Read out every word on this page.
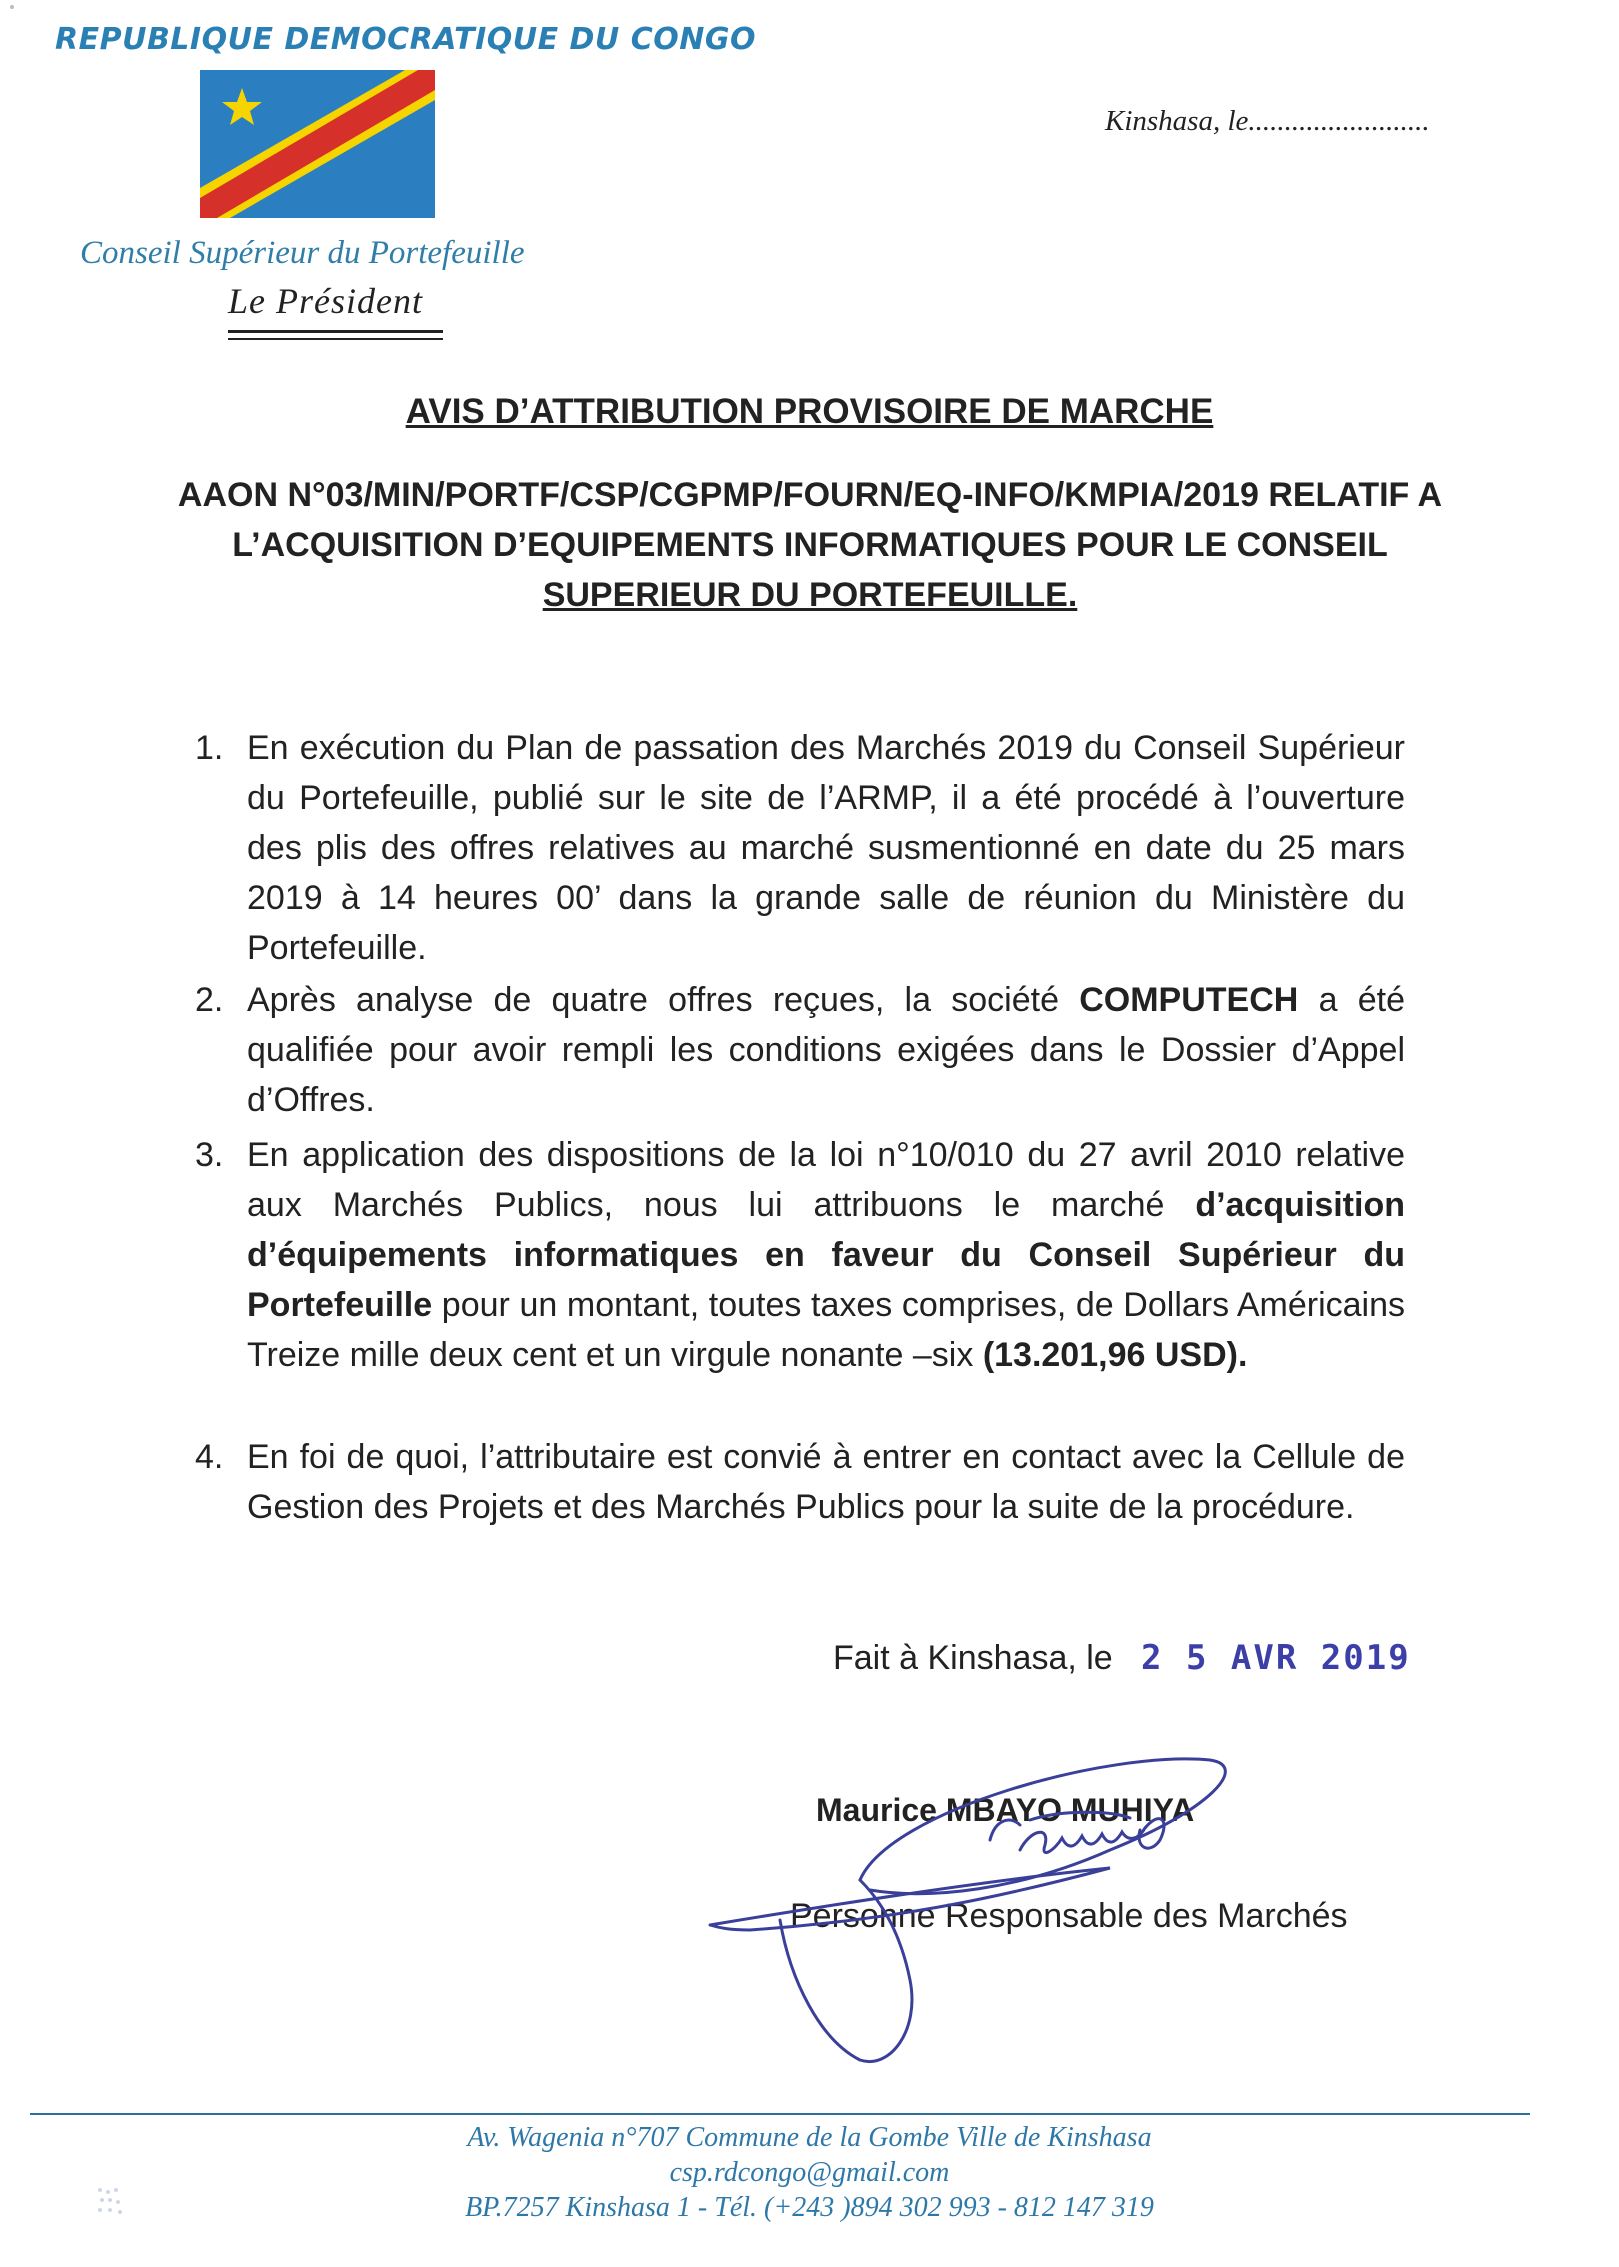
REPUBLIQUE DEMOCRATIQUE DU CONGO
Kinshasa, le.........................
Conseil Supérieur du Portefeuille
Le Président
AVIS D’ATTRIBUTION PROVISOIRE DE MARCHE
AAON N°03/MIN/PORTF/CSP/CGPMP/FOURN/EQ-INFO/KMPIA/2019 RELATIF A
L’ACQUISITION D’EQUIPEMENTS INFORMATIQUES POUR LE CONSEIL
SUPERIEUR DU PORTEFEUILLE.
1. En exécution du Plan de passation des Marchés 2019 du Conseil Supérieur du Portefeuille, publié sur le site de l’ARMP, il a été procédé à l’ouverture des plis des offres relatives au marché susmentionné en date du 25 mars 2019 à 14 heures 00’ dans la grande salle de réunion du Ministère du Portefeuille.
2. Après analyse de quatre offres reçues, la société COMPUTECH a été qualifiée pour avoir rempli les conditions exigées dans le Dossier d’Appel d’Offres.
3. En application des dispositions de la loi n°10/010 du 27 avril 2010 relative aux Marchés Publics, nous lui attribuons le marché d’acquisition d’équipements informatiques en faveur du Conseil Supérieur du Portefeuille pour un montant, toutes taxes comprises, de Dollars Américains Treize mille deux cent et un virgule nonante –six (13.201,96 USD).
4. En foi de quoi, l’attributaire est convié à entrer en contact avec la Cellule de Gestion des Projets et des Marchés Publics pour la suite de la procédure.
Fait à Kinshasa, le 2 5 AVR 2019
Maurice MBAYO MUHIYA
Personne Responsable des Marchés
Av. Wagenia n°707 Commune de la Gombe Ville de Kinshasa
csp.rdcongo@gmail.com
BP.7257 Kinshasa 1 - Tél. (+243 )894 302 993 - 812 147 319
